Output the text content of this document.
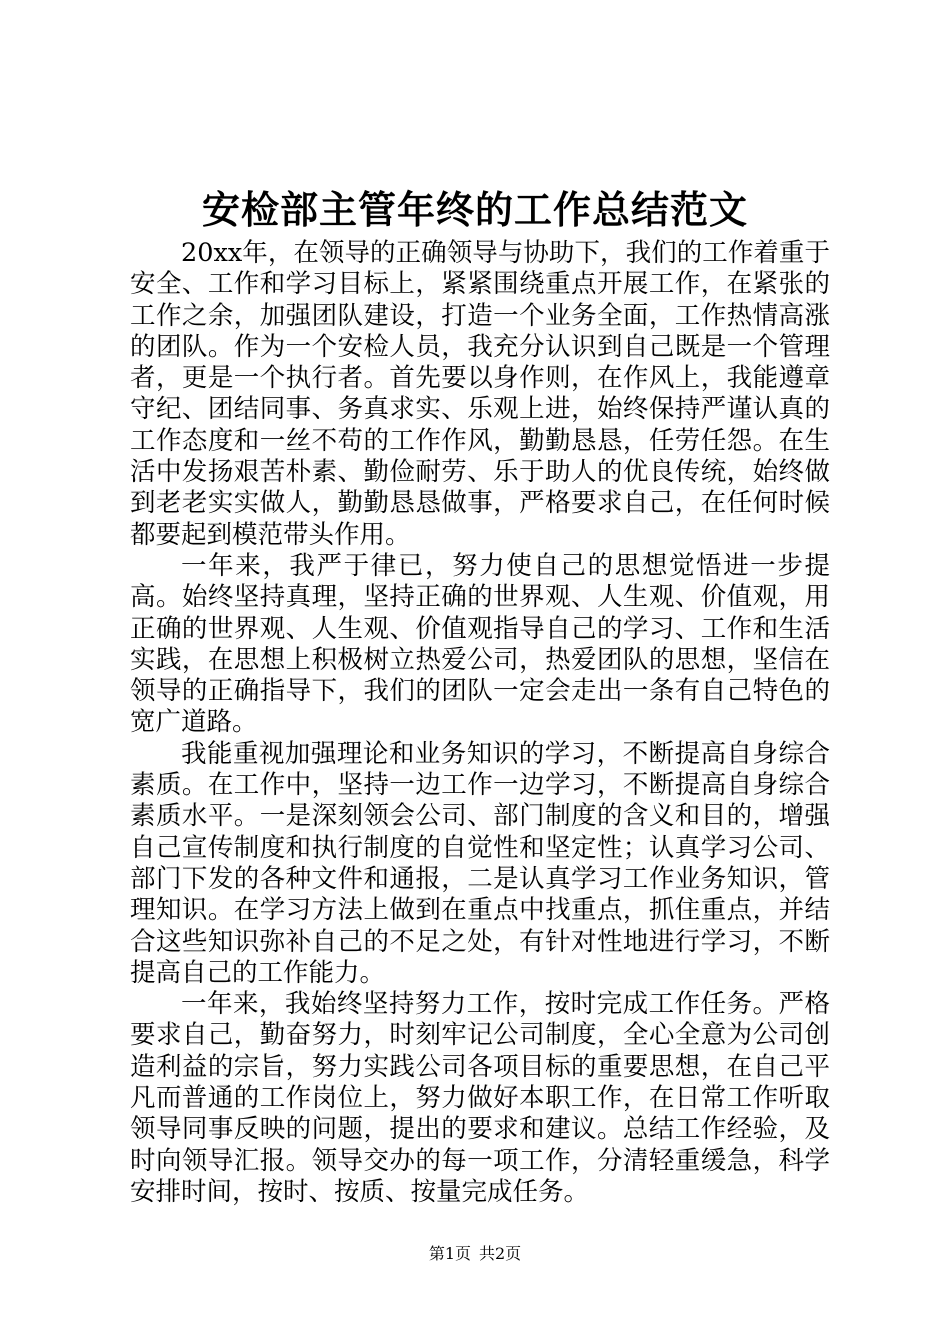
安检部主管年终的工作总结范文

20xx年，在领导的正确领导与协助下，我们的工作着重于安全、工作和学习目标上，紧紧围绕重点开展工作，在紧张的工作之余，加强团队建设，打造一个业务全面，工作热情高涨的团队。作为一个安检人员，我充分认识到自己既是一个管理者，更是一个执行者。首先要以身作则，在作风上，我能遵章守纪、团结同事、务真求实、乐观上进，始终保持严谨认真的工作态度和一丝不苟的工作作风，勤勤恳恳，任劳任怨。在生活中发扬艰苦朴素、勤俭耐劳、乐于助人的优良传统，始终做到老老实实做人，勤勤恳恳做事，严格要求自己，在任何时候都要起到模范带头作用。

一年来，我严于律已，努力使自己的思想觉悟进一步提高。始终坚持真理，坚持正确的世界观、人生观、价值观，用正确的世界观、人生观、价值观指导自己的学习、工作和生活实践，在思想上积极树立热爱公司，热爱团队的思想，坚信在领导的正确指导下，我们的团队一定会走出一条有自己特色的宽广道路。

我能重视加强理论和业务知识的学习，不断提高自身综合素质。在工作中，坚持一边工作一边学习，不断提高自身综合素质水平。一是深刻领会公司、部门制度的含义和目的，增强自己宣传制度和执行制度的自觉性和坚定性；认真学习公司、部门下发的各种文件和通报，二是认真学习工作业务知识，管理知识。在学习方法上做到在重点中找重点，抓住重点，并结合这些知识弥补自己的不足之处，有针对性地进行学习，不断提高自己的工作能力。

一年来，我始终坚持努力工作，按时完成工作任务。严格要求自己，勤奋努力，时刻牢记公司制度，全心全意为公司创造利益的宗旨，努力实践公司各项目标的重要思想，在自己平凡而普通的工作岗位上，努力做好本职工作，在日常工作听取领导同事反映的问题，提出的要求和建议。总结工作经验，及时向领导汇报。领导交办的每一项工作，分清轻重缓急，科学安排时间，按时、按质、按量完成任务。

第1页 共2页
